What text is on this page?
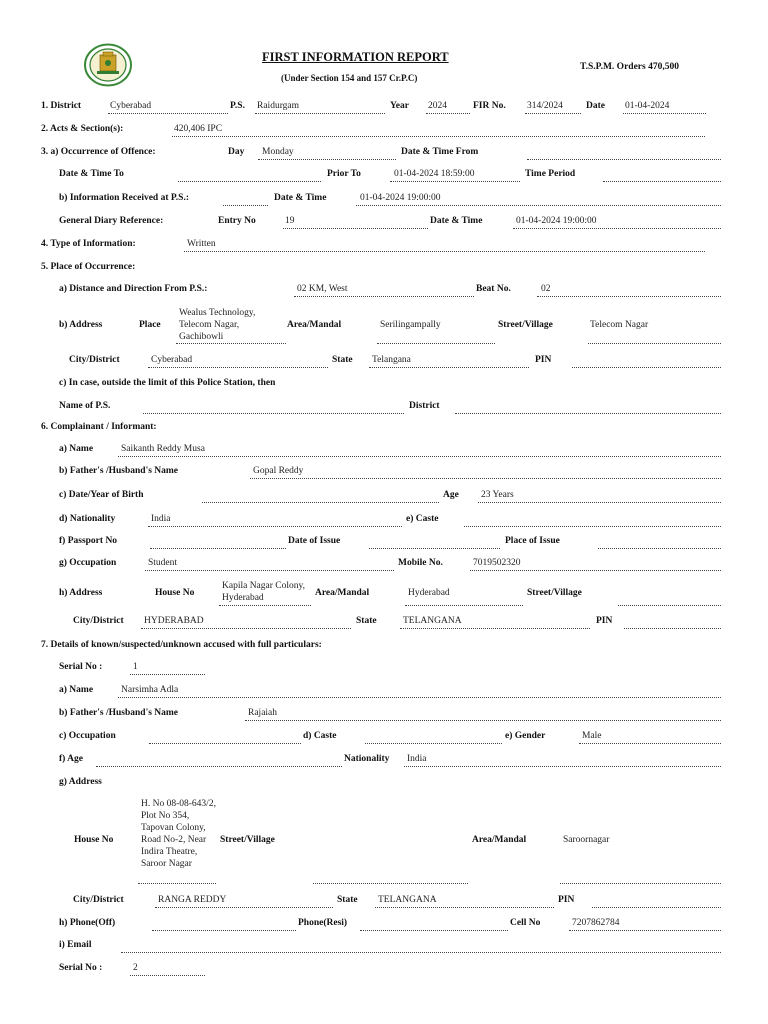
FIRST INFORMATION REPORT
(Under Section 154 and 157 Cr.P.C)
T.S.P.M. Orders 470,500
1. District	Cyberabad	P.S. Raidurgam	Year 2024	FIR No. 314/2024 Date 01-04-2024
2. Acts & Section(s):	420,406 IPC
3. a) Occurrence of Offence:	Day Monday	Date & Time From
Date & Time To	Prior To	01-04-2024 18:59:00	Time Period
b) Information Received at P.S.:	Date & Time	01-04-2024 19:00:00
General Diary Reference:	Entry No	19	Date & Time	01-04-2024 19:00:00
4. Type of Information:	Written
5. Place of Occurrence:
a) Distance and Direction From P.S.:	02 KM, West	Beat No.	02
b) Address	Place
Wealus Technology, Telecom Nagar, Gachibowli
Area/Mandal	Serilingampally	Street/Village	Telecom Nagar
City/District	Cyberabad	State Telangana	PIN
c) In case, outside the limit of this Police Station, then
Name of P.S.	District
6. Complainant / Informant:
a) Name	Saikanth Reddy Musa
b) Father's /Husband's Name	Gopal Reddy
c) Date/Year of Birth	Age 23 Years
d) Nationality	India	e) Caste
f) Passport No	Date of Issue	Place of Issue
g) Occupation	Student	Mobile No.	7019502320
h) Address	House No
Kapila Nagar Colony, Hyderabad	Area/Mandal	Hyderabad	Street/Village
City/District HYDERABAD	State	TELANGANA	PIN
7. Details of known/suspected/unknown accused with full particulars:
Serial No :	1
a) Name	Narsimha Adla
b) Father's /Husband's Name	Rajaiah
c) Occupation	d) Caste	e) Gender	Male
f) Age	Nationality India
g) Address
House No
H. No 08-08-643/2, Plot No 354, Tapovan Colony, Road No-2, Near Indira Theatre, Saroor Nagar
Street/Village	Area/Mandal	Saroornagar
City/District	RANGA REDDY	State TELANGANA	PIN
h) Phone(Off)	Phone(Resi)	Cell No	7207862784
i) Email
Serial No :	2
